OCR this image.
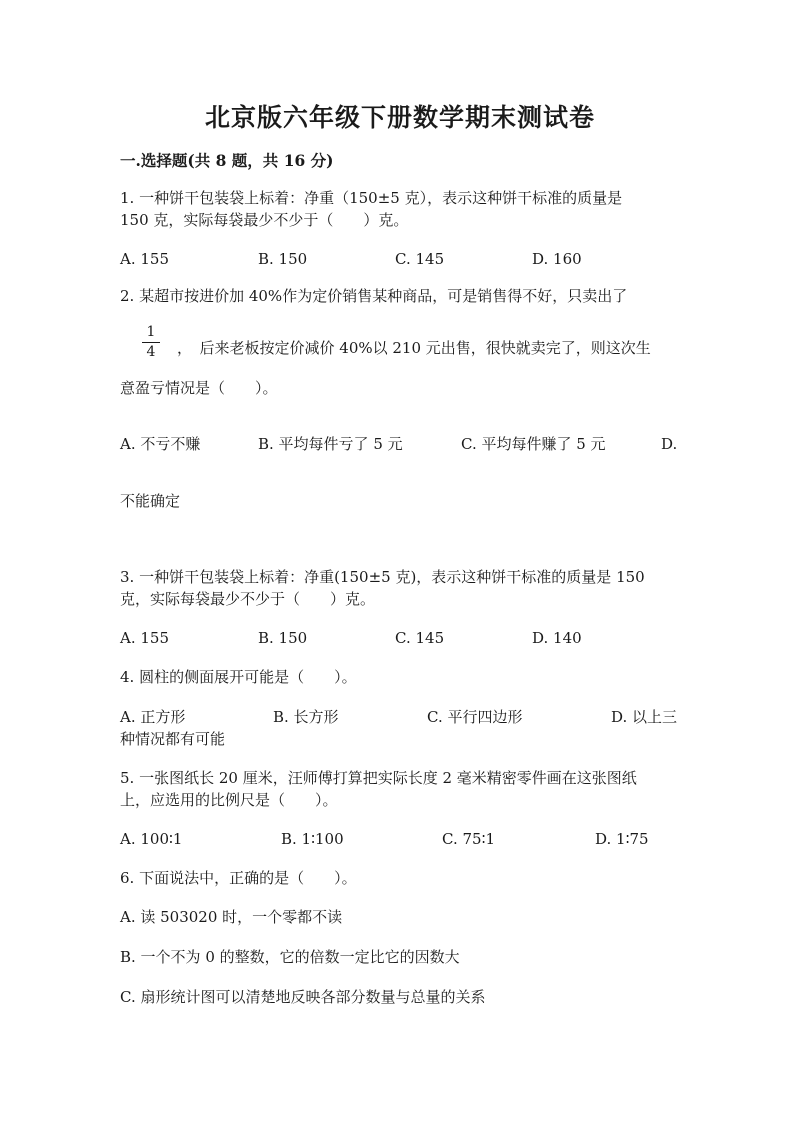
北京版六年级下册数学期末测试卷
一.选择题(共 8 题，共 16 分)
1. 一种饼干包装袋上标着：净重（150±5 克），表示这种饼干标准的质量是
150 克，实际每袋最少不少于（　　）克。
A. 155	B. 150	C. 145	D. 160
2. 某超市按进价加 40%作为定价销售某种商品，可是销售得不好，只卖出了
1
4	，　后来老板按定价减价 40%以 210 元出售，很快就卖完了，则这次生
意盈亏情况是（　　）。
A. 不亏不赚	B. 平均每件亏了 5 元	C. 平均每件赚了 5 元	D.
不能确定
3. 一种饼干包装袋上标着：净重(150±5 克)，表示这种饼干标准的质量是 150
克，实际每袋最少不少于（　　）克。
A. 155	B. 150	C. 145	D. 140
4. 圆柱的侧面展开可能是（　　）。
A. 正方形	B. 长方形	C. 平行四边形	D. 以上三
种情况都有可能
5. 一张图纸长 20 厘米，汪师傅打算把实际长度 2 毫米精密零件画在这张图纸
上，应选用的比例尺是（　　）。
A. 100∶1	B. 1∶100	C. 75∶1	D. 1∶75
6. 下面说法中，正确的是（　　）。
A. 读 503020 时，一个零都不读
B. 一个不为 0 的整数，它的倍数一定比它的因数大
C. 扇形统计图可以清楚地反映各部分数量与总量的关系
